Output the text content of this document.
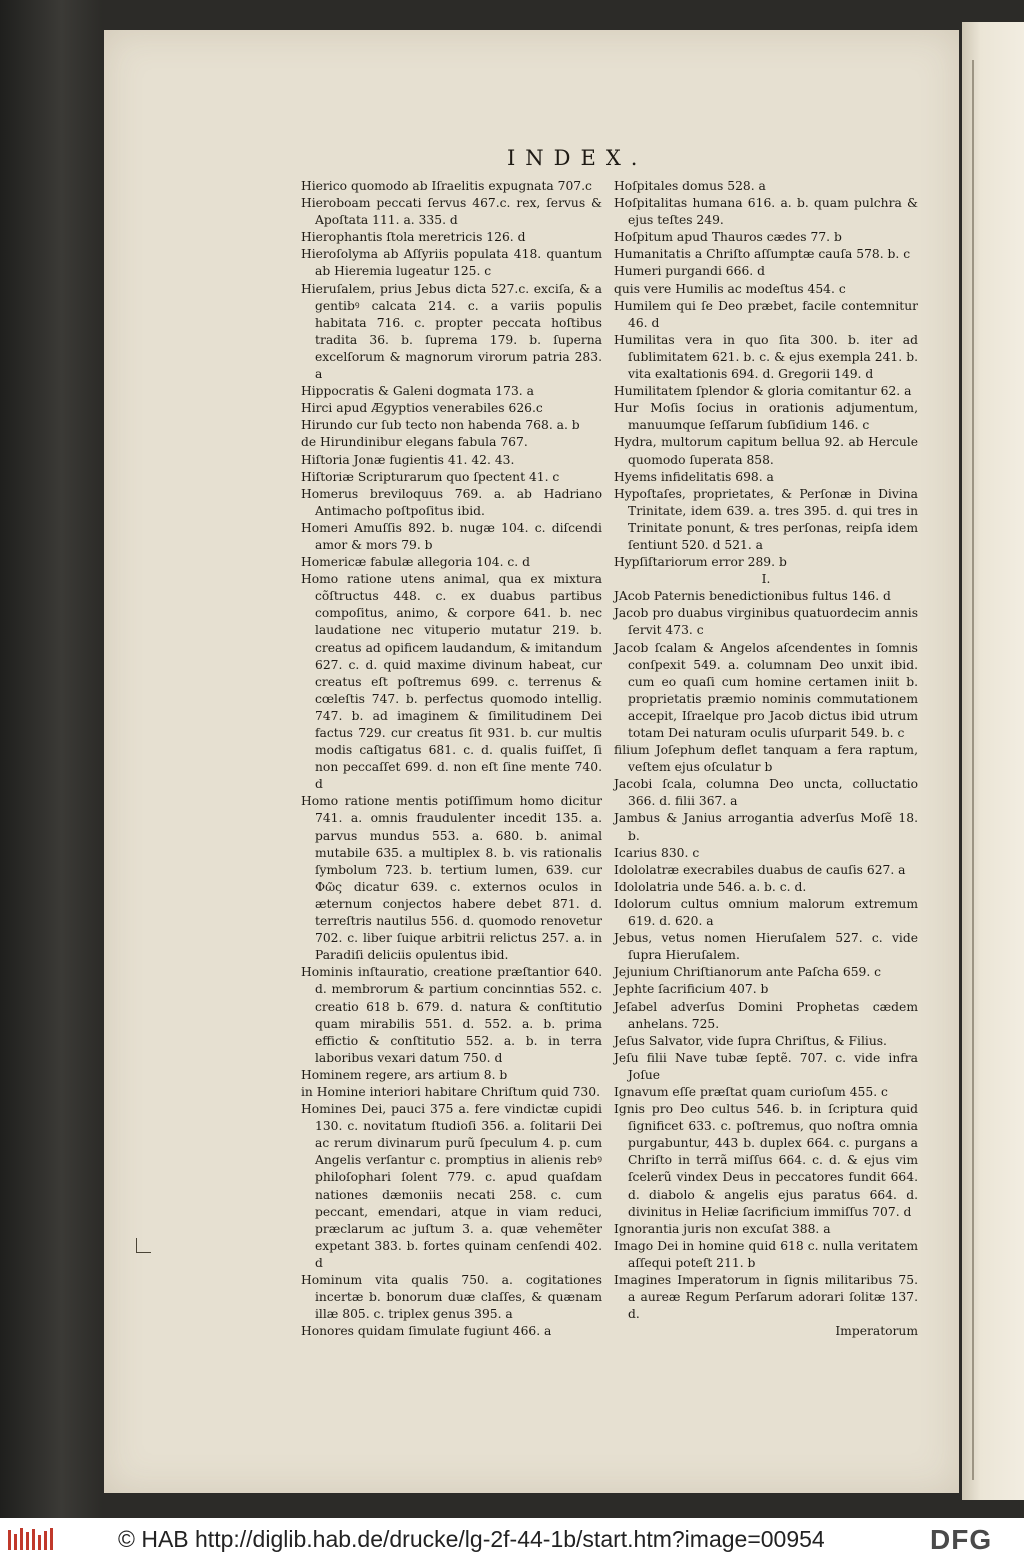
INDEX.

Hierico quomodo ab Iſraelitis expugnata 707.c

Hieroboam peccati ſervus 467.c. rex, ſervus & Apoſtata 111. a. 335. d

Hierophantis ſtola meretricis 126. d

Hieroſolyma ab Aſſyriis populata 418. quantum ab Hieremia lugeatur 125. c

Hieruſalem, prius Jebus dicta 527.c. exciſa, & a gentibꝰ calcata 214. c. a variis populis habitata 716. c. propter peccata hoſtibus tradita 36. b. ſuprema 179. b. ſuperna excelſorum & magnorum virorum patria 283. a

Hippocratis & Galeni dogmata 173. a

Hirci apud Ægyptios venerabiles 626.c

Hirundo cur ſub tecto non habenda 768. a. b

de Hirundinibur elegans fabula 767.

Hiſtoria Jonæ fugientis 41. 42. 43.

Hiſtoriæ Scripturarum quo ſpectent 41. c

Homerus breviloquus 769. a. ab Hadriano Antimacho poſtpoſitus ibid.

Homeri Amuſſis 892. b. nugæ 104. c. diſcendi amor & mors 79. b

Homericæ fabulæ allegoria 104. c. d

Homo ratione utens animal, qua ex mixtura cõſtructus 448. c. ex duabus partibus compoſitus, animo, & corpore 641. b. nec laudatione nec vituperio mutatur 219. b. creatus ad opificem laudandum, & imitandum 627. c. d. quid maxime divinum habeat, cur creatus eſt poſtremus 699. c. terrenus & cœleſtis 747. b. perfectus quomodo intellig. 747. b. ad imaginem & ſimilitudinem Dei factus 729. cur creatus ſit 931. b. cur multis modis caſtigatus 681. c. d. qualis fuiſſet, ſi non peccaſſet 699. d. non eſt ſine mente 740. d

Homo ratione mentis potiſſimum homo dicitur 741. a. omnis fraudulenter incedit 135. a. parvus mundus 553. a. 680. b. animal mutabile 635. a multiplex 8. b. vis rationalis ſymbolum 723. b. tertium lumen, 639. cur Φῶς dicatur 639. c. externos oculos in æternum conjectos habere debet 871. d. terreſtris nautilus 556. d. quomodo renovetur 702. c. liber ſuique arbitrii relictus 257. a. in Paradiſi deliciis opulentus ibid.

Hominis inſtauratio, creatione præſtantior 640. d. membrorum & partium concinntias 552. c. creatio 618 b. 679. d. natura & conſtitutio quam mirabilis 551. d. 552. a. b. prima effictio & conſtitutio 552. a. b. in terra laboribus vexari datum 750. d

Hominem regere, ars artium 8. b

in Homine interiori habitare Chriſtum quid 730.

Homines Dei, pauci 375 a. fere vindictæ cupidi 130. c. novitatum ſtudioſi 356. a. ſolitarii Dei ac rerum divinarum purũ ſpeculum 4. p. cum Angelis verſantur c. promptius in alienis rebꝰ philoſophari ſolent 779. c. apud quaſdam nationes dæmoniis necati 258. c. cum peccant, emendari, atque in viam reduci, præclarum ac juſtum 3. a. quæ vehemẽter expetant 383. b. fortes quinam cenſendi 402. d

Hominum vita qualis 750. a. cogitationes incertæ b. bonorum duæ claſſes, & quænam illæ 805. c. triplex genus 395. a

Honores quidam ſimulate fugiunt 466. a

Hoſpitales domus 528. a

Hoſpitalitas humana 616. a. b. quam pulchra & ejus teſtes 249.

Hoſpitum apud Thauros cædes 77. b

Humanitatis a Chriſto aſſumptæ cauſa 578. b. c

Humeri purgandi 666. d

quis vere Humilis ac modeſtus 454. c

Humilem qui ſe Deo præbet, facile contemnitur 46. d

Humilitas vera in quo ſita 300. b. iter ad ſublimitatem 621. b. c. & ejus exempla 241. b. vita exaltationis 694. d. Gregorii 149. d

Humilitatem ſplendor & gloria comitantur 62. a

Hur Moſis ſocius in orationis adjumentum, manuumque ſeſſarum ſubſidium 146. c

Hydra, multorum capitum bellua 92. ab Hercule quomodo ſuperata 858.

Hyems infidelitatis 698. a

Hypoſtaſes, proprietates, & Perſonæ in Divina Trinitate, idem 639. a. tres 395. d. qui tres in Trinitate ponunt, & tres perſonas, reipſa idem ſentiunt 520. d 521. a

Hypſiſtariorum error 289. b

I.

JAcob Paternis benedictionibus fultus 146. d

Jacob pro duabus virginibus quatuordecim annis ſervit 473. c

Jacob ſcalam & Angelos aſcendentes in ſomnis conſpexit 549. a. columnam Deo unxit ibid. cum eo quaſi cum homine certamen iniit b. proprietatis præmio nominis commutationem accepit, Iſraelque pro Jacob dictus ibid utrum totam Dei naturam oculis uſurparit 549. b. c

filium Joſephum deflet tanquam a fera raptum, veſtem ejus oſculatur b

Jacobi ſcala, columna Deo uncta, colluctatio 366. d. filii 367. a

Jambus & Janius arrogantia adverſus Moſẽ 18. b.

Icarius 830. c

Idololatræ execrabiles duabus de cauſis 627. a

Idololatria unde 546. a. b. c. d.

Idolorum cultus omnium malorum extremum 619. d. 620. a

Jebus, vetus nomen Hieruſalem 527. c. vide ſupra Hieruſalem.

Jejunium Chriſtianorum ante Paſcha 659. c

Jephte ſacrificium 407. b

Jeſabel adverſus Domini Prophetas cædem anhelans. 725.

Jeſus Salvator, vide ſupra Chriſtus, & Filius.

Jeſu filii Nave tubæ ſeptẽ. 707. c. vide infra Joſue

Ignavum eſſe præſtat quam curioſum 455. c

Ignis pro Deo cultus 546. b. in ſcriptura quid ſignificet 633. c. poſtremus, quo noſtra omnia purgabuntur, 443 b. duplex 664. c. purgans a Chriſto in terrã miſſus 664. c. d. & ejus vim ſcelerũ vindex Deus in peccatores fundit 664. d. diabolo & angelis ejus paratus 664. d. divinitus in Heliæ ſacrificium immiſſus 707. d

Ignorantia juris non excuſat 388. a

Imago Dei in homine quid 618 c. nulla veritatem aſſequi poteſt 211. b

Imagines Imperatorum in ſignis militaribus 75. a aureæ Regum Perſarum adorari ſolitæ 137. d.

Imperatorum

© HAB http://diglib.hab.de/drucke/lg-2f-44-1b/start.htm?image=00954	DFG
